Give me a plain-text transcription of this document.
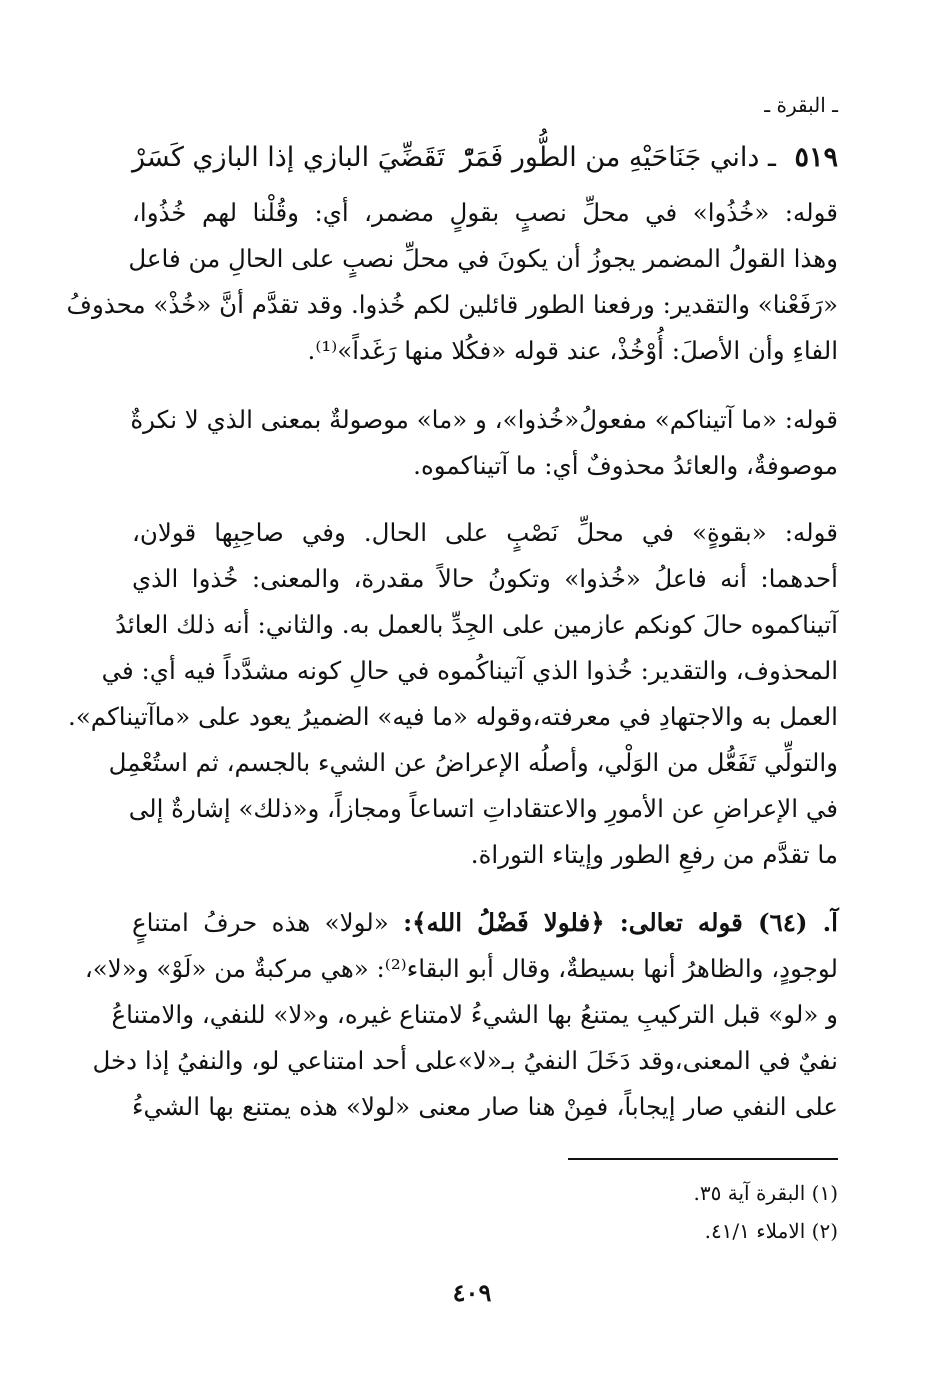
ـ البقرة ـ
٥١٩ ـ داني جَنَاحَيْهِ من الطُّور فَمَرّْ
تَقَضِّيَ البازي إذا البازي كَسَرْ
قوله: «خُذُوا» في محلِّ نصبٍ بقولٍ مضمر، أي: وقُلْنا لهم خُذُوا،
وهذا القولُ المضمر يجوزُ أن يكونَ في محلِّ نصبٍ على الحالِ من فاعل
«رَفَعْنا» والتقدير: ورفعنا الطور قائلين لكم خُذوا. وقد تقدَّم أنَّ «خُذْ» محذوفُ
الفاءِ وأن الأصلَ: أُوْخُذْ، عند قوله «فكُلا منها رَغَداً»⁽¹⁾.
قوله: «ما آتيناكم» مفعولُ«خُذوا»، و «ما» موصولةٌ بمعنى الذي لا نكرةٌ
موصوفةٌ، والعائدُ محذوفٌ أي: ما آتيناكموه.
قوله: «بقوةٍ» في محلِّ نَصْبٍ على الحال. وفي صاحِبِها قولان،
أحدهما: أنه فاعلُ «خُذوا» وتكونُ حالاً مقدرة، والمعنى: خُذوا الذي
آتيناكموه حالَ كونكم عازمين على الجِدِّ بالعمل به. والثاني: أنه ذلك العائدُ
المحذوف، والتقدير: خُذوا الذي آتيناكُموه في حالِ كونه مشدَّداً فيه أي: في
العمل به والاجتهادِ في معرفته،وقوله «ما فيه» الضميرُ يعود على «ماآتيناكم».
والتولِّي تَفَعُّل من الوَلْي، وأصلُه الإعراضُ عن الشيء بالجسم، ثم استُعْمِل
في الإعراضِ عن الأمورِ والاعتقاداتِ اتساعاً ومجازاً، و«ذلك» إشارةٌ إلى
ما تقدَّم من رفعِ الطور وإيتاء التوراة.
آ. (٦٤) قوله تعالى: ﴿فلولا فَضْلُ الله﴾: «لولا» هذه حرفُ امتناعٍ
لوجودٍ، والظاهرُ أنها بسيطةٌ، وقال أبو البقاء⁽²⁾: «هي مركبةٌ من «لَوْ» و«لا»،
و «لو» قبل التركيبِ يمتنعُ بها الشيءُ لامتناع غيره، و«لا» للنفي، والامتناعُ
نفيٌ في المعنى،وقد دَخَلَ النفيُ بـ«لا»على أحد امتناعي لو، والنفيُ إذا دخل
على النفي صار إيجاباً، فمِنْ هنا صار معنى «لولا» هذه يمتنع بها الشيءُ
(١) البقرة آية ٣٥.
(٢) الاملاء ٤١/١.
٤٠٩
